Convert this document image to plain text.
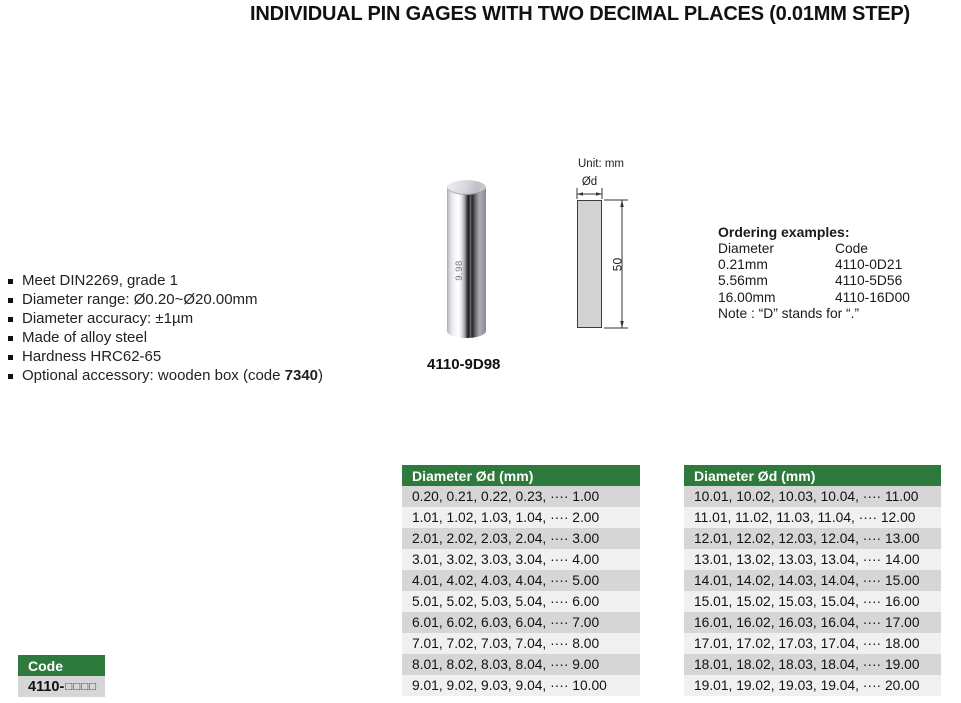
INDIVIDUAL PIN GAGES WITH TWO DECIMAL PLACES (0.01MM STEP)
Meet DIN2269, grade 1
Diameter range: Ø0.20~Ø20.00mm
Diameter accuracy: ±1µm
Made of alloy steel
Hardness HRC62-65
Optional accessory: wooden box (code 7340)
9.98
4110-9D98
Unit: mm
Ød
50
Ordering examples:
Diameter	Code
0.21mm	4110-0D21
5.56mm	4110-5D56
16.00mm	4110-16D00
Note : “D” stands for “.”
Diameter Ød (mm)
0.20, 0.21, 0.22, 0.23, ···· 1.00
1.01, 1.02, 1.03, 1.04, ···· 2.00
2.01, 2.02, 2.03, 2.04, ···· 3.00
3.01, 3.02, 3.03, 3.04, ···· 4.00
4.01, 4.02, 4.03, 4.04, ···· 5.00
5.01, 5.02, 5.03, 5.04, ···· 6.00
6.01, 6.02, 6.03, 6.04, ···· 7.00
7.01, 7.02, 7.03, 7.04, ···· 8.00
8.01, 8.02, 8.03, 8.04, ···· 9.00
9.01, 9.02, 9.03, 9.04, ···· 10.00
Diameter Ød (mm)
10.01, 10.02, 10.03, 10.04, ···· 11.00
11.01, 11.02, 11.03, 11.04, ···· 12.00
12.01, 12.02, 12.03, 12.04, ···· 13.00
13.01, 13.02, 13.03, 13.04, ···· 14.00
14.01, 14.02, 14.03, 14.04, ···· 15.00
15.01, 15.02, 15.03, 15.04, ···· 16.00
16.01, 16.02, 16.03, 16.04, ···· 17.00
17.01, 17.02, 17.03, 17.04, ···· 18.00
18.01, 18.02, 18.03, 18.04, ···· 19.00
19.01, 19.02, 19.03, 19.04, ···· 20.00
Code
4110- □□□□
